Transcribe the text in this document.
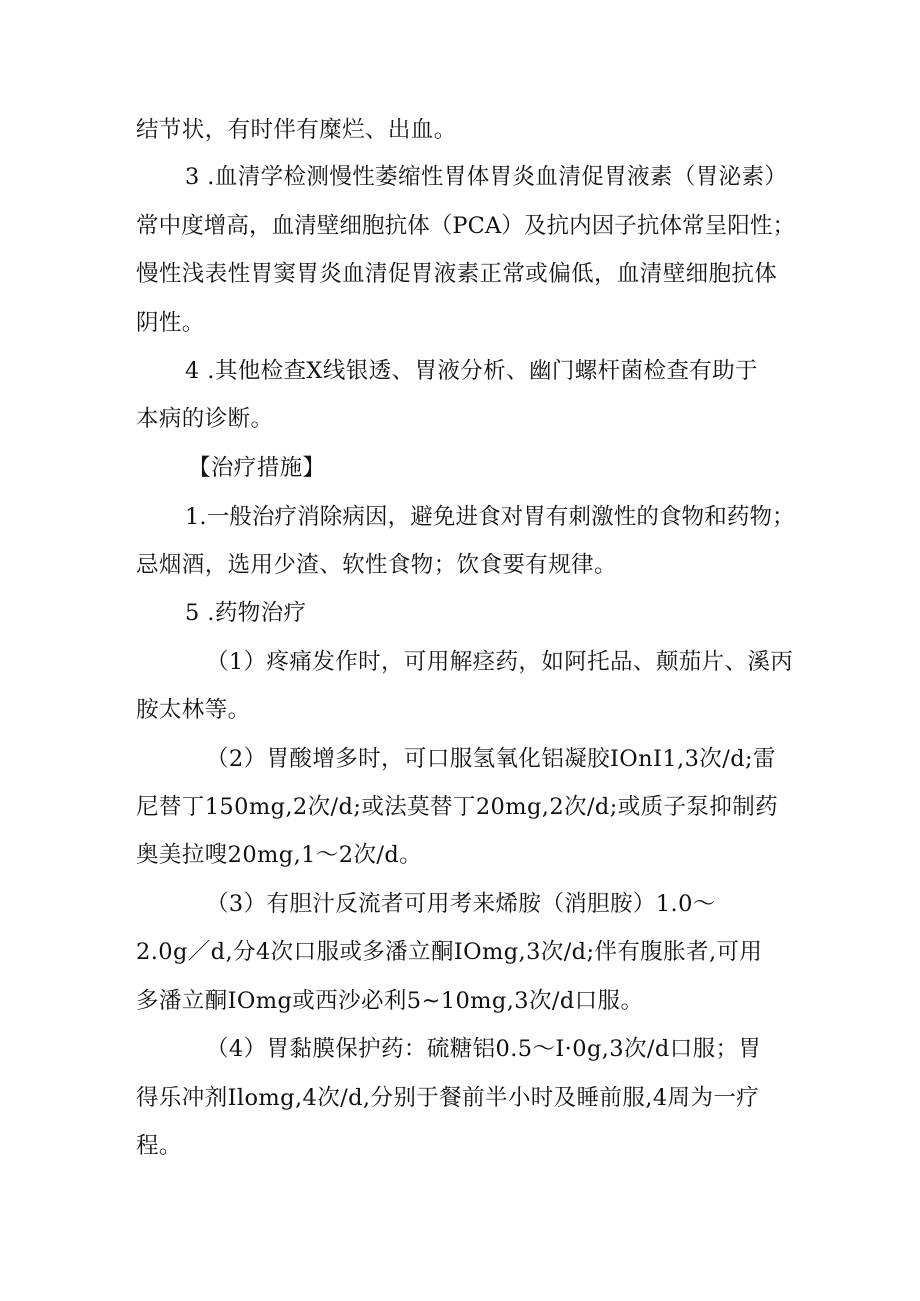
结节状，有时伴有糜烂、出血。
3 .血清学检测慢性萎缩性胃体胃炎血清促胃液素（胃泌素）
常中度增高，血清壁细胞抗体（PCA）及抗内因子抗体常呈阳性；
慢性浅表性胃窦胃炎血清促胃液素正常或偏低，血清壁细胞抗体
阴性。
4 .其他检查X线银透、胃液分析、幽门螺杆菌检查有助于
本病的诊断。
【治疗措施】
1.一般治疗消除病因，避免进食对胃有刺激性的食物和药物；
忌烟酒，选用少渣、软性食物；饮食要有规律。
5 .药物治疗
（1）疼痛发作时，可用解痉药，如阿托品、颠茄片、溪丙
胺太林等。
（2）胃酸增多时，可口服氢氧化铝凝胶IOnI1,3次/d;雷
尼替丁150mg,2次/d;或法莫替丁20mg,2次/d;或质子泵抑制药
奥美拉嗖20mg,1～2次/d。
（3）有胆汁反流者可用考来烯胺（消胆胺）1.0～
2.0g／d,分4次口服或多潘立酮IOmg,3次/d;伴有腹胀者,可用
多潘立酮IOmg或西沙必利5~10mg,3次/d口服。
（4）胃黏膜保护药：硫糖铝0.5～I·0g,3次/d口服；胃
得乐冲剂Ilomg,4次/d,分别于餐前半小时及睡前服,4周为一疗
程。
